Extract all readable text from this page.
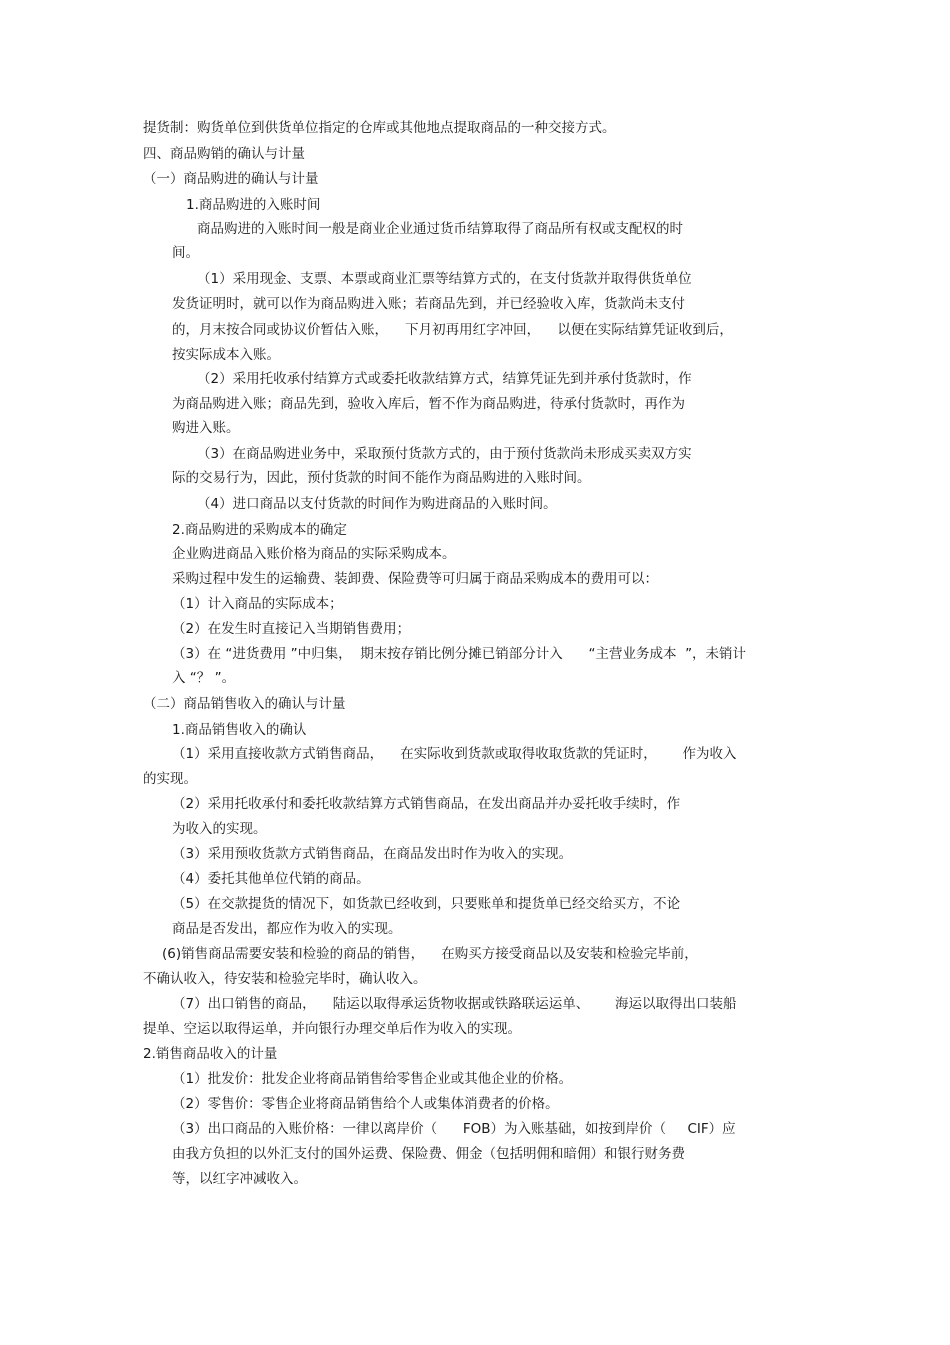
提货制：购货单位到供货单位指定的仓库或其他地点提取商品的一种交接方式。
四、商品购销的确认与计量
（一）商品购进的确认与计量
1.商品购进的入账时间
商品购进的入账时间一般是商业企业通过货币结算取得了商品所有权或支配权的时
间。
（1）采用现金、支票、本票或商业汇票等结算方式的，在支付货款并取得供货单位
发货证明时，就可以作为商品购进入账；若商品先到，并已经验收入库，货款尚未支付
的，月末按合同或协议价暂估入账，    下月初再用红字冲回，    以便在实际结算凭证收到后，
按实际成本入账。
（2）采用托收承付结算方式或委托收款结算方式，结算凭证先到并承付货款时，作
为商品购进入账；商品先到，验收入库后，暂不作为商品购进，待承付货款时，再作为
购进入账。
（3）在商品购进业务中，采取预付货款方式的，由于预付货款尚未形成买卖双方实
际的交易行为，因此，预付货款的时间不能作为商品购进的入账时间。
（4）进口商品以支付货款的时间作为购进商品的入账时间。
2.商品购进的采购成本的确定
企业购进商品入账价格为商品的实际采购成本。
采购过程中发生的运输费、装卸费、保险费等可归属于商品采购成本的费用可以：
（1）计入商品的实际成本；
（2）在发生时直接记入当期销售费用；
（3）在 “进货费用 ”中归集，  期末按存销比例分摊已销部分计入      “主营业务成本  ”，未销计
入 “？ ”。
（二）商品销售收入的确认与计量
1.商品销售收入的确认
（1）采用直接收款方式销售商品，    在实际收到货款或取得收取货款的凭证时，      作为收入
的实现。
（2）采用托收承付和委托收款结算方式销售商品，在发出商品并办妥托收手续时，作
为收入的实现。
（3）采用预收货款方式销售商品，在商品发出时作为收入的实现。
（4）委托其他单位代销的商品。
（5）在交款提货的情况下，如货款已经收到，只要账单和提货单已经交给买方，不论
商品是否发出，都应作为收入的实现。
(6)销售商品需要安装和检验的商品的销售，    在购买方接受商品以及安装和检验完毕前，
不确认收入，待安装和检验完毕时，确认收入。
（7）出口销售的商品，    陆运以取得承运货物收据或铁路联运运单、      海运以取得出口装船
提单、空运以取得运单，并向银行办理交单后作为收入的实现。
2.销售商品收入的计量
（1）批发价：批发企业将商品销售给零售企业或其他企业的价格。
（2）零售价：零售企业将商品销售给个人或集体消费者的价格。
（3）出口商品的入账价格：一律以离岸价（      FOB）为入账基础，如按到岸价（     CIF）应
由我方负担的以外汇支付的国外运费、保险费、佣金（包括明佣和暗佣）和银行财务费
等，以红字冲减收入。
